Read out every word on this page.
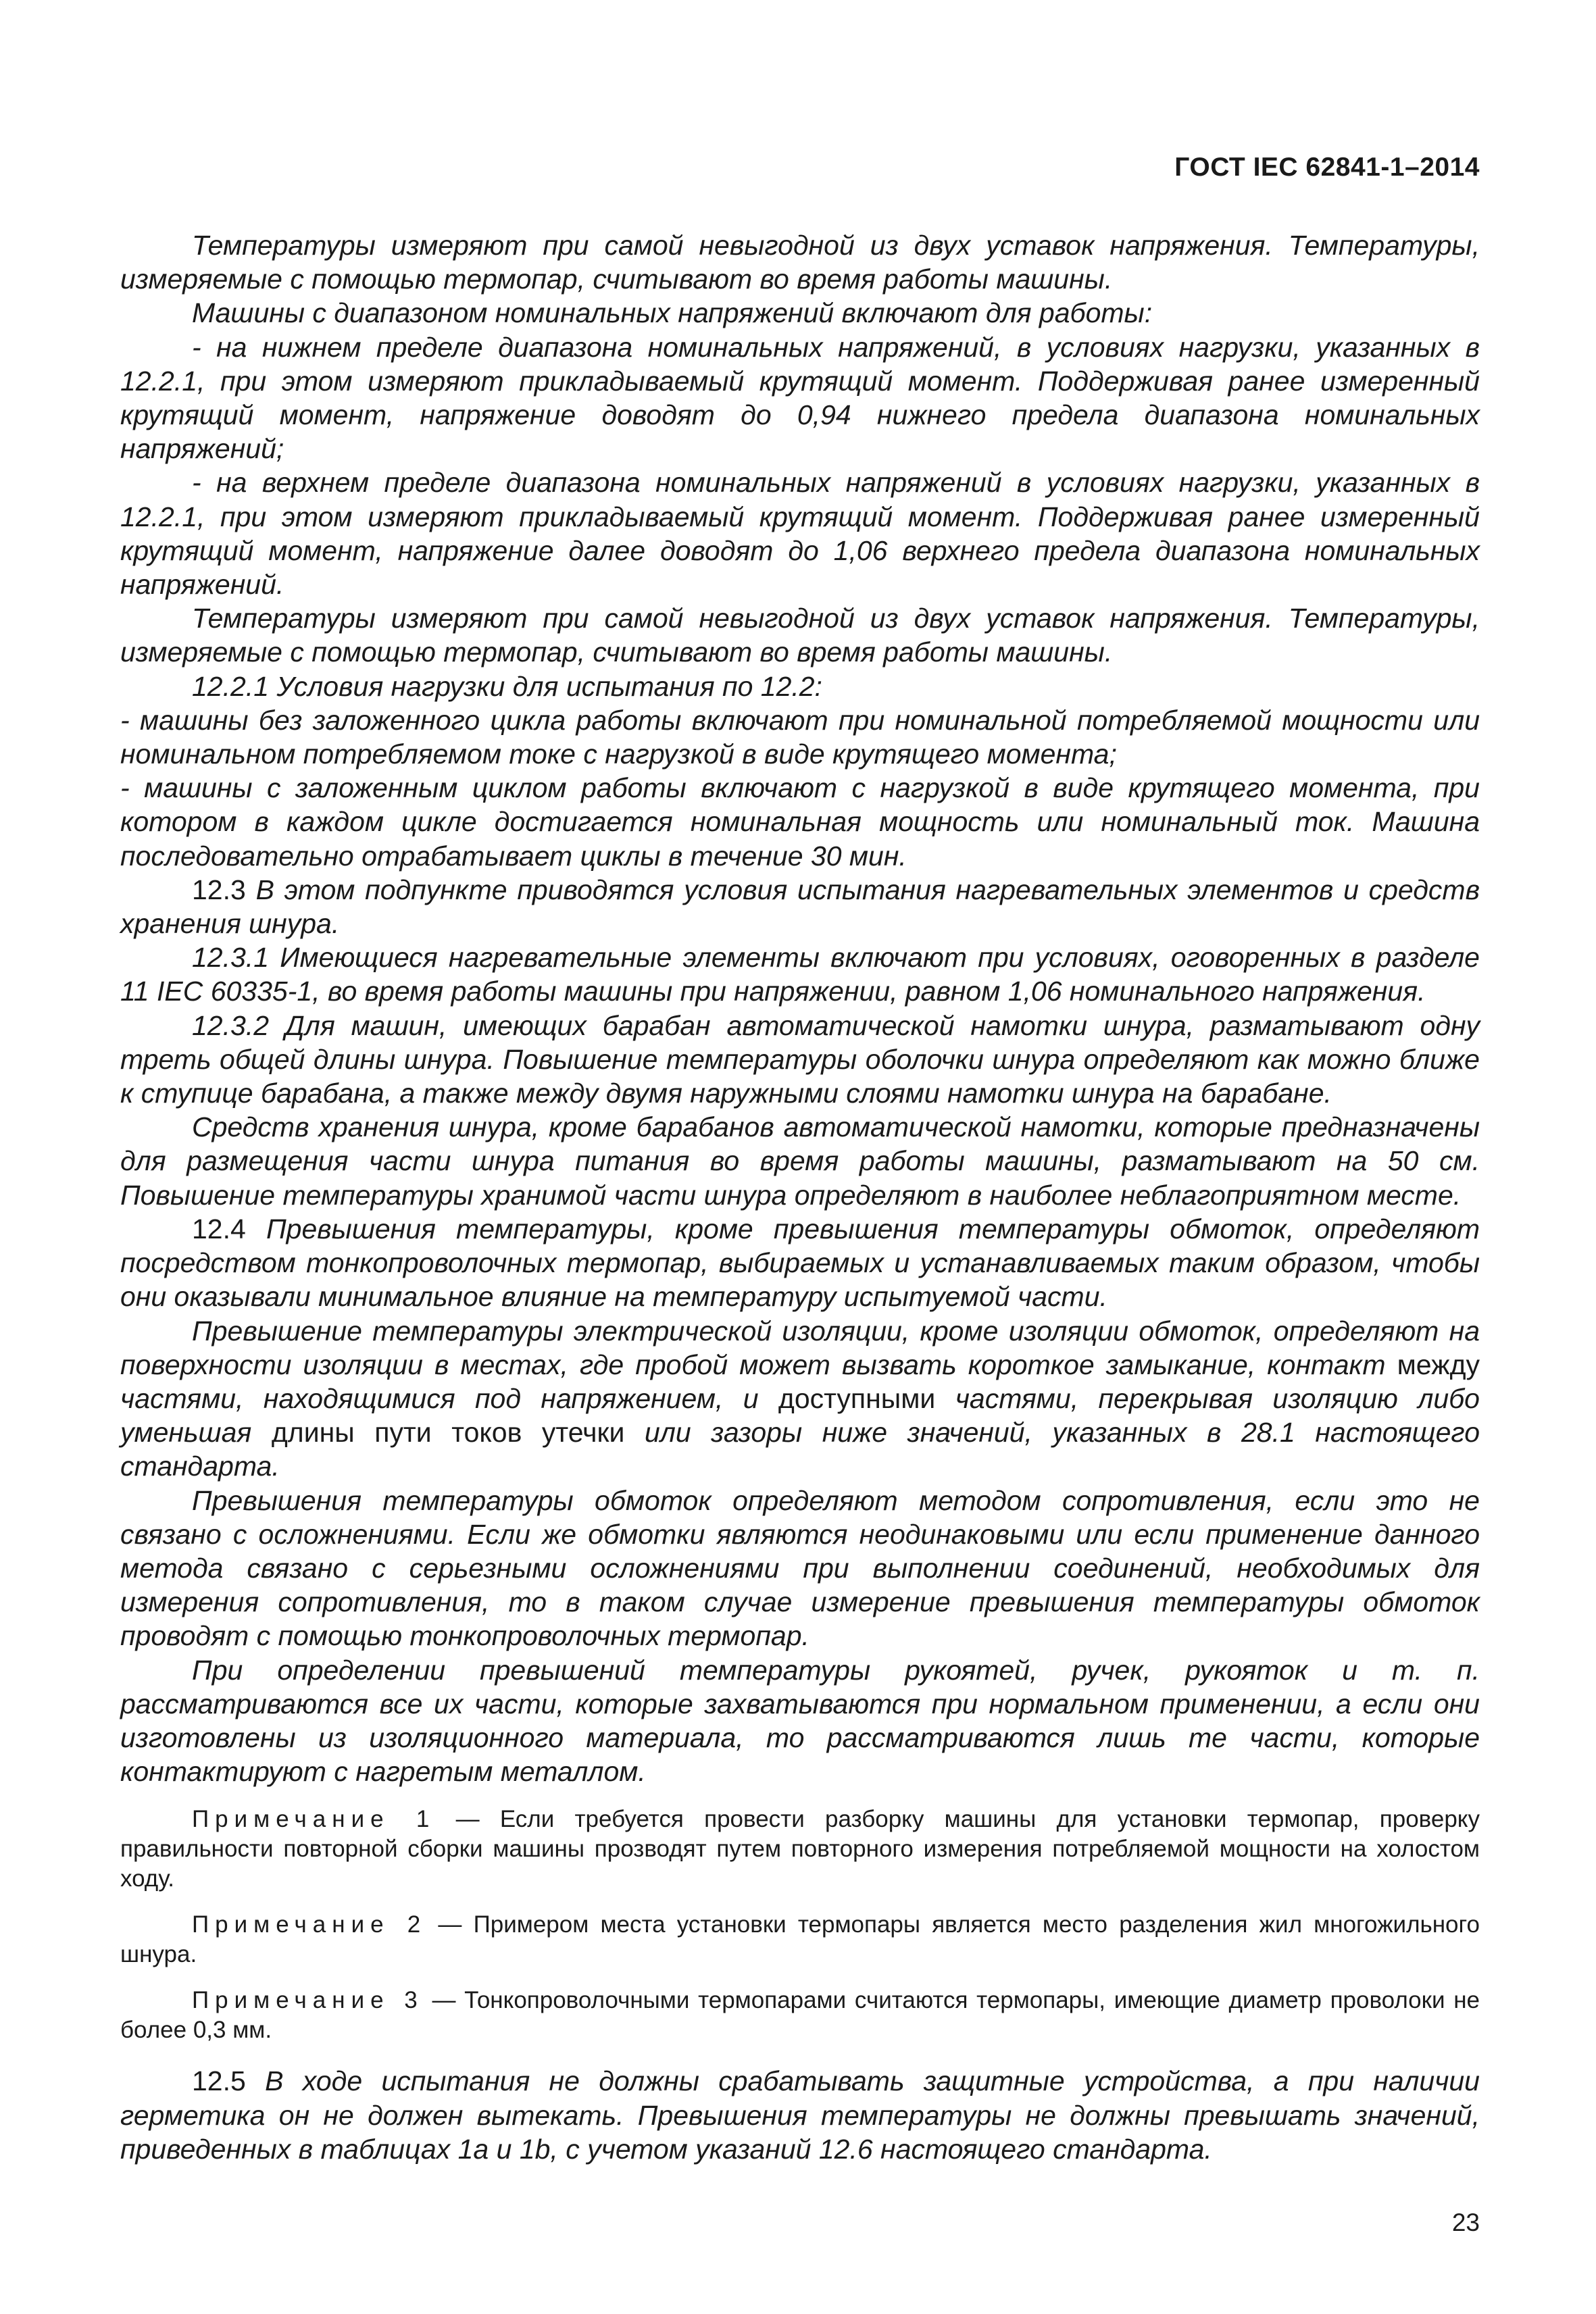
ГОСТ IEC 62841-1–2014

Температуры измеряют при самой невыгодной из двух уставок напряжения. Температуры, измеряемые с помощью термопар, считывают во время работы машины.

Машины с диапазоном номинальных напряжений включают для работы:

- на нижнем пределе диапазона номинальных напряжений, в условиях нагрузки, указанных в 12.2.1, при этом измеряют прикладываемый крутящий момент. Поддерживая ранее измеренный крутящий момент, напряжение доводят до 0,94 нижнего предела диапазона номинальных напряжений;

- на верхнем пределе диапазона номинальных напряжений в условиях нагрузки, указанных в 12.2.1, при этом измеряют прикладываемый крутящий момент. Поддерживая ранее измеренный крутящий момент, напряжение далее доводят до 1,06 верхнего предела диапазона номинальных напряжений.

Температуры измеряют при самой невыгодной из двух уставок напряжения. Температуры, измеряемые с помощью термопар, считывают во время работы машины.

12.2.1 Условия нагрузки для испытания по 12.2:

- машины без заложенного цикла работы включают при номинальной потребляемой мощности или номинальном потребляемом токе с нагрузкой в виде крутящего момента;

- машины с заложенным циклом работы включают с нагрузкой в виде крутящего момента, при котором в каждом цикле достигается номинальная мощность или номинальный ток. Машина последовательно отрабатывает циклы в течение 30 мин.

12.3 В этом подпункте приводятся условия испытания нагревательных элементов и средств хранения шнура.

12.3.1 Имеющиеся нагревательные элементы включают при условиях, оговоренных в разделе 11 IEC 60335-1, во время работы машины при напряжении, равном 1,06 номинального напряжения.

12.3.2 Для машин, имеющих барабан автоматической намотки шнура, разматывают одну треть общей длины шнура. Повышение температуры оболочки шнура определяют как можно ближе к ступице барабана, а также между двумя наружными слоями намотки шнура на барабане.

Средств хранения шнура, кроме барабанов автоматической намотки, которые предназначены для размещения части шнура питания во время работы машины, разматывают на 50 см. Повышение температуры хранимой части шнура определяют в наиболее неблагоприятном месте.

12.4 Превышения температуры, кроме превышения температуры обмоток, определяют посредством тонкопроволочных термопар, выбираемых и устанавливаемых таким образом, чтобы они оказывали минимальное влияние на температуру испытуемой части.

Превышение температуры электрической изоляции, кроме изоляции обмоток, определяют на поверхности изоляции в местах, где пробой может вызвать короткое замыкание, контакт между частями, находящимися под напряжением, и доступными частями, перекрывая изоляцию либо уменьшая длины пути токов утечки или зазоры ниже значений, указанных в 28.1 настоящего стандарта.

Превышения температуры обмоток определяют методом сопротивления, если это не связано с осложнениями. Если же обмотки являются неодинаковыми или если применение данного метода связано с серьезными осложнениями при выполнении соединений, необходимых для измерения сопротивления, то в таком случае измерение превышения температуры обмоток проводят с помощью тонкопроволочных термопар.

При определении превышений температуры рукоятей, ручек, рукояток и т. п. рассматриваются все их части, которые захватываются при нормальном применении, а если они изготовлены из изоляционного материала, то рассматриваются лишь те части, которые контактируют с нагретым металлом.

Примечание 1 — Если требуется провести разборку машины для установки термопар, проверку правильности повторной сборки машины прозводят путем повторного измерения потребляемой мощности на холостом ходу.

Примечание 2 — Примером места установки термопары является место разделения жил многожильного шнура.

Примечание 3 — Тонкопроволочными термопарами считаются термопары, имеющие диаметр проволоки не более 0,3 мм.

12.5 В ходе испытания не должны срабатывать защитные устройства, а при наличии герметика он не должен вытекать. Превышения температуры не должны превышать значений, приведенных в таблицах 1a и 1b, с учетом указаний 12.6 настоящего стандарта.

23
